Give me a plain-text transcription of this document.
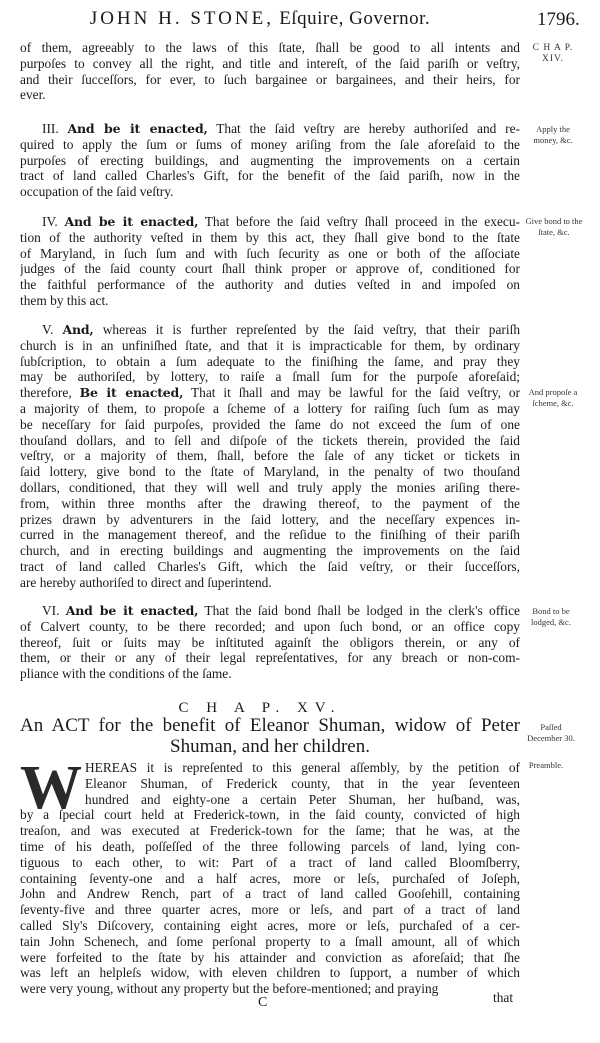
JOHN H. STONE, Eſquire, Governor.	1796.
of them, agreeably to the laws of this ſtate, ſhall be good to all intents and
purpoſes to convey all the right, and title and intereſt, of the ſaid pariſh or veſtry,
and their ſucceſſors, for ever, to ſuch bargainee or bargainees, and their heirs, for
ever.
III. And be it enacted, That the ſaid veſtry are hereby authoriſed and re-
quired to apply the ſum or ſums of money ariſing from the ſale aforeſaid to the
purpoſes of erecting buildings, and augmenting the improvements on a certain
tract of land called Charles's Gift, for the benefit of the ſaid pariſh, now in the
occupation of the ſaid veſtry.
IV. And be it enacted, That before the ſaid veſtry ſhall proceed in the execu-
tion of the authority veſted in them by this act, they ſhall give bond to the ſtate
of Maryland, in ſuch ſum and with ſuch ſecurity as one or both of the aſſociate
judges of the ſaid county court ſhall think proper or approve of, conditioned for
the faithful performance of the authority and duties veſted in and impoſed on
them by this act.
V. And, whereas it is further repreſented by the ſaid veſtry, that their pariſh
church is in an unfiniſhed ſtate, and that it is impracticable for them, by ordinary
ſubſcription, to obtain a ſum adequate to the finiſhing the ſame, and pray they
may be authoriſed, by lottery, to raiſe a ſmall ſum for the purpoſe aforeſaid;
therefore, Be it enacted, That it ſhall and may be lawful for the ſaid veſtry, or
a majority of them, to propoſe a ſcheme of a lottery for raiſing ſuch ſum as may
be neceſſary for ſaid purpoſes, provided the ſame do not exceed the ſum of one
thouſand dollars, and to ſell and diſpoſe of the tickets therein, provided the ſaid
veſtry, or a majority of them, ſhall, before the ſale of any ticket or tickets in
ſaid lottery, give bond to the ſtate of Maryland, in the penalty of two thouſand
dollars, conditioned, that they will well and truly apply the monies ariſing there-
from, within three months after the drawing thereof, to the payment of the
prizes drawn by adventurers in the ſaid lottery, and the neceſſary expences in-
curred in the management thereof, and the reſidue to the finiſhing of their pariſh
church, and in erecting buildings and augmenting the improvements on the ſaid
tract of land called Charles's Gift, which the ſaid veſtry, or their ſucceſſors,
are hereby authoriſed to direct and ſuperintend.
VI. And be it enacted, That the ſaid bond ſhall be lodged in the clerk's office
of Calvert county, to be there recorded; and upon ſuch bond, or an office copy
thereof, ſuit or ſuits may be inſtituted againſt the obligors therein, or any of
them, or their or any of their legal repreſentatives, for any breach or non-com-
pliance with the conditions of the ſame.
C H A P. XIV.
Apply the money, &c.
Give bond to the ſtate, &c.
And propoſe a ſcheme, &c.
Bond to be lodged, &c.
Paſſed December 30.
Preamble.
C H A P. XV.
An ACT for the benefit of Eleanor Shuman, widow of Peter
Shuman, and her children.
W HEREAS it is repreſented to this general aſſembly, by the petition of
Eleanor Shuman, of Frederick county, that in the year ſeventeen
hundred and eighty-one a certain Peter Shuman, her huſband, was,
by a ſpecial court held at Frederick-town, in the ſaid county, convicted of high
treaſon, and was executed at Frederick-town for the ſame; that he was, at the
time of his death, poſſeſſed of the three following parcels of land, lying con-
tiguous to each other, to wit: Part of a tract of land called Bloomſberry,
containing ſeventy-one and a half acres, more or leſs, purchaſed of Joſeph,
John and Andrew Rench, part of a tract of land called Gooſehill, containing
ſeventy-five and three quarter acres, more or leſs, and part of a tract of land
called Sly's Diſcovery, containing eight acres, more or leſs, purchaſed of a cer-
tain John Schenech, and ſome perſonal property to a ſmall amount, all of which
were forfeited to the ſtate by his attainder and conviction as aforeſaid; that ſhe
was left an helpleſs widow, with eleven children to ſupport, a number of which
were very young, without any property but the before-mentioned; and praying
C	that
